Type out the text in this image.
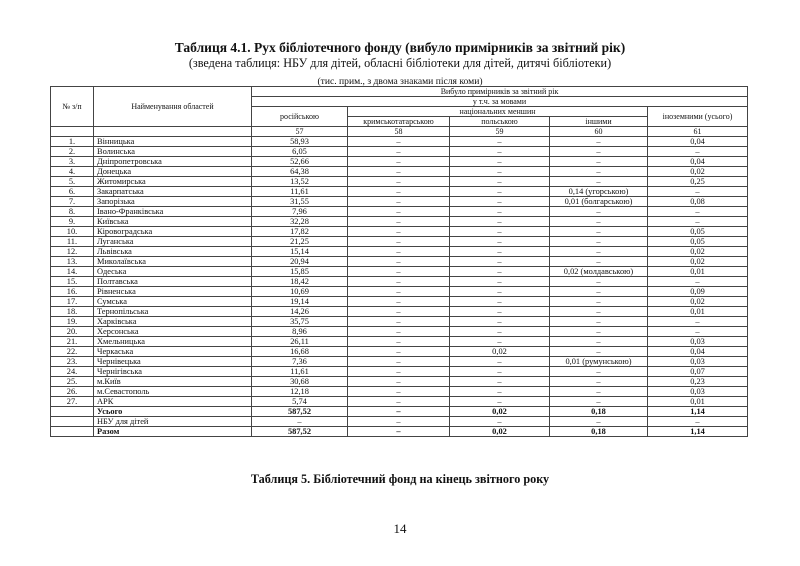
Таблиця 4.1. Рух бібліотечного фонду (вибуло примірників за звітний рік)
(зведена таблиця: НБУ для дітей, обласні бібліотеки для дітей, дитячі бібліотеки)
(тис. прим., з двома знаками після коми)
№ з/п	Найменування областей	Вибуло примірників за звітний рік				
		у т.ч. за мовами				
		російською	національних меншин			іноземними (усього)
			кримськотатарською	польською	іншими	
		57	58	59	60	61
1.	Вінницька	58,93	–	–	–	0,04
2.	Волинська	6,05	–	–	–	–
3.	Дніпропетровська	52,66	–	–	–	0,04
4.	Донецька	64,38	–	–	–	0,02
5.	Житомирська	13,52	–	–	–	0,25
6.	Закарпатська	11,61	–	–	0,14 (угорською)	–
7.	Запорізька	31,55	–	–	0,01 (болгарською)	0,08
8.	Івано-Франківська	7,96	–	–	–	–
9.	Київська	32,28	–	–	–	–
10.	Кіровоградська	17,82	–	–	–	0,05
11.	Луганська	21,25	–	–	–	0,05
12.	Львівська	15,14	–	–	–	0,02
13.	Миколаївська	20,94	–	–	–	0,02
14.	Одеська	15,85	–	–	0,02 (молдавською)	0,01
15.	Полтавська	18,42	–	–	–	–
16.	Рівненська	10,69	–	–	–	0,09
17.	Сумська	19,14	–	–	–	0,02
18.	Тернопільська	14,26	–	–	–	0,01
19.	Харківська	35,75	–	–	–	–
20.	Херсонська	8,96	–	–	–	–
21.	Хмельницька	26,11	–	–	–	0,03
22.	Черкаська	16,68	–	0,02	–	0,04
23.	Чернівецька	7,36	–	–	0,01 (румунською)	0,03
24.	Чернігівська	11,61	–	–	–	0,07
25.	м.Київ	30,68	–	–	–	0,23
26.	м.Севастополь	12,18	–	–	–	0,03
27.	АРК	5,74	–	–	–	0,01
	Усього	587,52	–	0,02	0,18	1,14
	НБУ для дітей	–	–	–	–	–
	Разом	587,52	–	0,02	0,18	1,14
Таблиця 5. Бібліотечний фонд на кінець звітного року
14
